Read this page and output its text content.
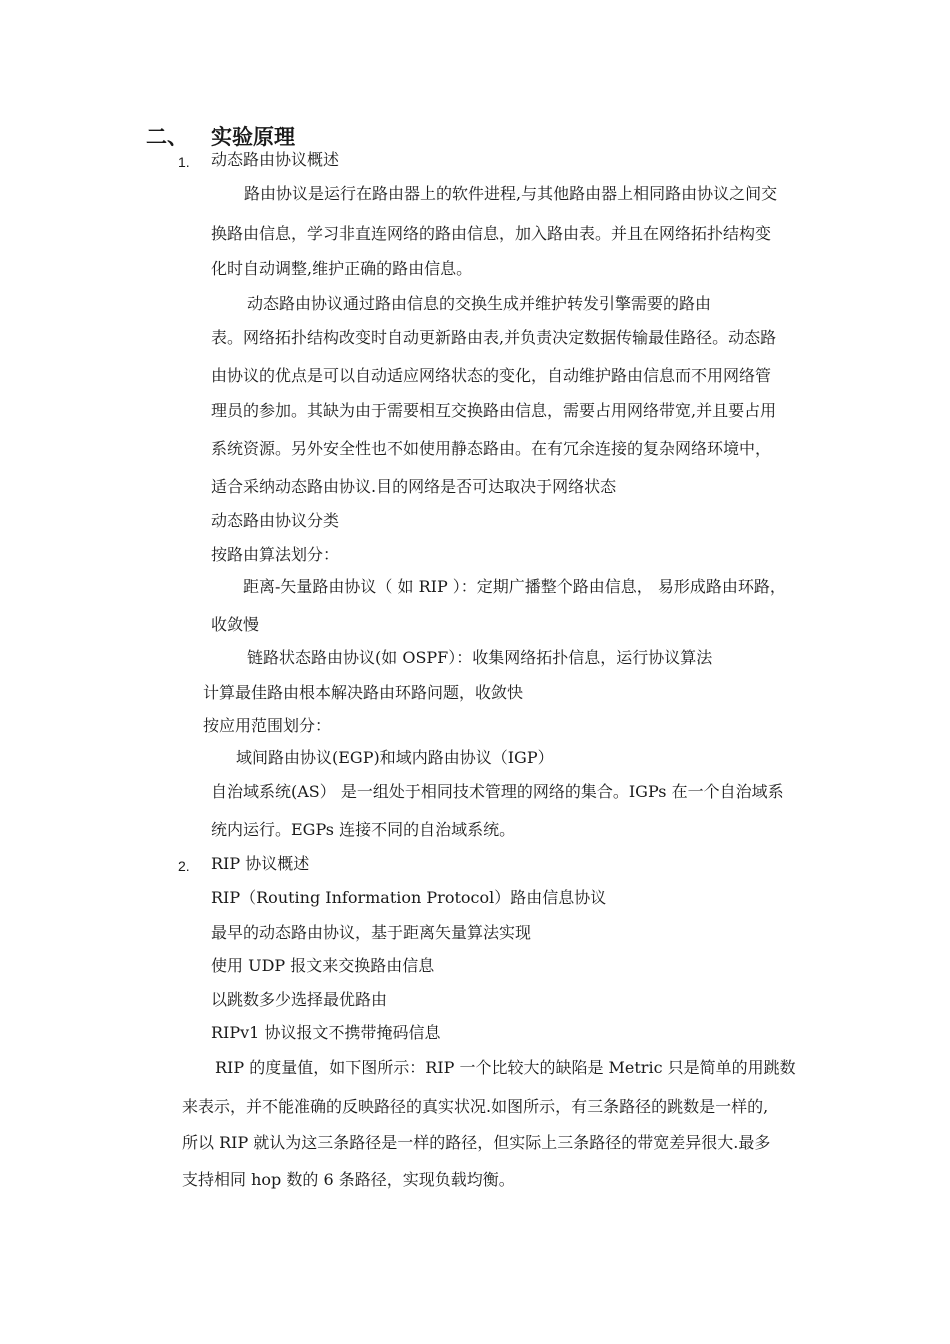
二、 实验原理
1. 动态路由协议概述
路由协议是运行在路由器上的软件进程,与其他路由器上相同路由协议之间交
换路由信息，学习非直连网络的路由信息，加入路由表。并且在网络拓扑结构变
化时自动调整,维护正确的路由信息。
动态路由协议通过路由信息的交换生成并维护转发引擎需要的路由
表。网络拓扑结构改变时自动更新路由表,并负责决定数据传输最佳路径。动态路
由协议的优点是可以自动适应网络状态的变化，自动维护路由信息而不用网络管
理员的参加。其缺为由于需要相互交换路由信息，需要占用网络带宽,并且要占用
系统资源。另外安全性也不如使用静态路由。在有冗余连接的复杂网络环境中，
适合采纳动态路由协议.目的网络是否可达取决于网络状态
动态路由协议分类
按路由算法划分：
距离-矢量路由协议（ 如 RIP ）：定期广播整个路由信息， 易形成路由环路，
收敛慢
链路状态路由协议(如 OSPF）：收集网络拓扑信息，运行协议算法
计算最佳路由根本解决路由环路问题，收敛快
按应用范围划分：
域间路由协议(EGP)和域内路由协议（IGP）
自治域系统(AS） 是一组处于相同技术管理的网络的集合。IGPs 在一个自治域系
统内运行。EGPs 连接不同的自治域系统。
2. RIP 协议概述
RIP（Routing Information Protocol）路由信息协议
最早的动态路由协议，基于距离矢量算法实现
使用 UDP 报文来交换路由信息
以跳数多少选择最优路由
RIPv1 协议报文不携带掩码信息
RIP 的度量值，如下图所示：RIP 一个比较大的缺陷是 Metric 只是简单的用跳数
来表示，并不能准确的反映路径的真实状况.如图所示，有三条路径的跳数是一样的,
所以 RIP 就认为这三条路径是一样的路径，但实际上三条路径的带宽差异很大.最多
支持相同 hop 数的 6 条路径，实现负载均衡。
